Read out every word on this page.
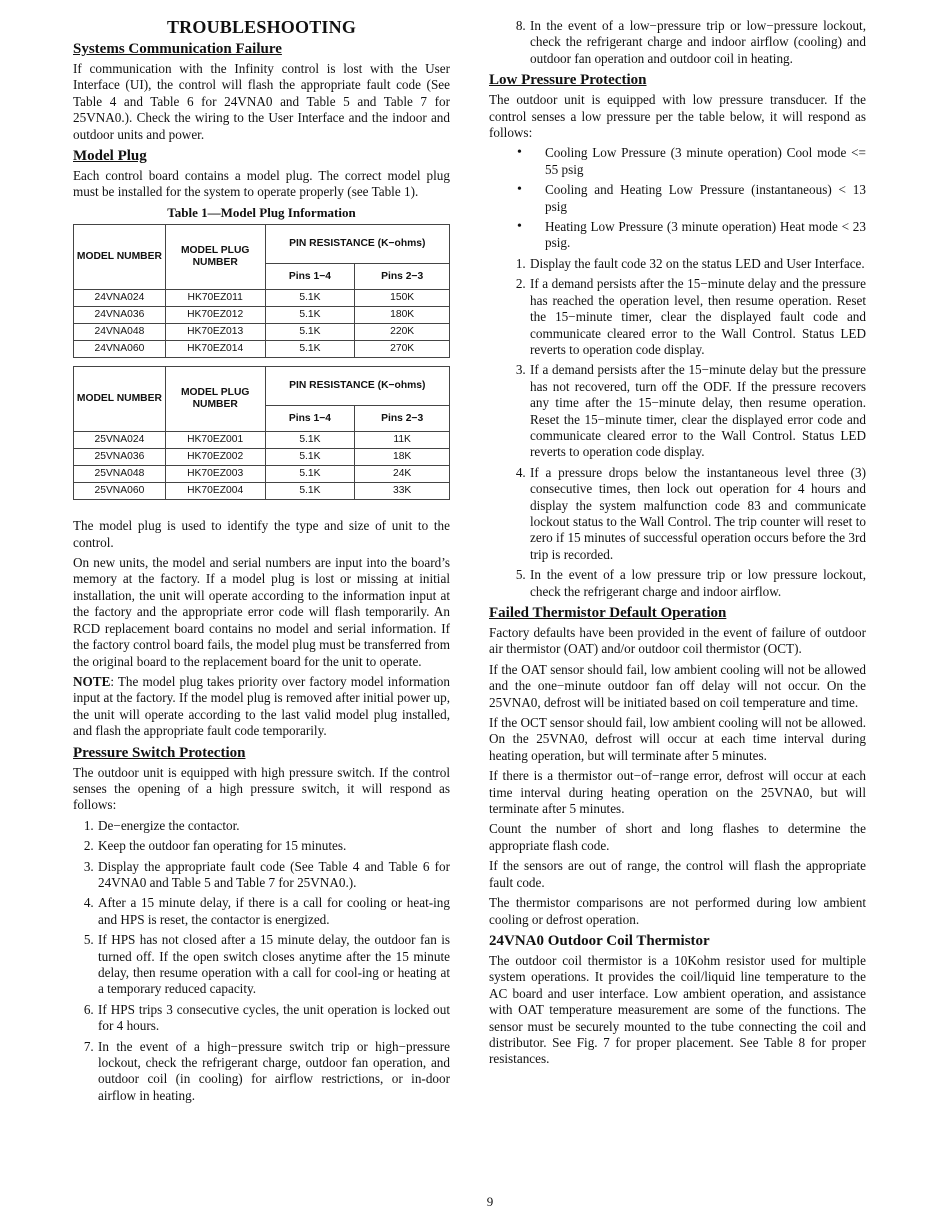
TROUBLESHOOTING
Systems Communication Failure

If communication with the Infinity control is lost with the User Interface (UI), the control will flash the appropriate fault code (See Table 4 and Table 6 for 24VNA0 and Table 5 and Table 7 for 25VNA0.). Check the wiring to the User Interface and the indoor and outdoor units and power.

Model Plug

Each control board contains a model plug. The correct model plug must be installed for the system to operate properly (see Table 1).

Table 1—Model Plug Information
MODEL NUMBER	MODEL PLUG NUMBER	PIN RESISTANCE (K−ohms)	
		Pins 1−4	Pins 2−3
24VNA024	HK70EZ011	5.1K	150K
24VNA036	HK70EZ012	5.1K	180K
24VNA048	HK70EZ013	5.1K	220K
24VNA060	HK70EZ014	5.1K	270K
MODEL NUMBER	MODEL PLUG NUMBER	PIN RESISTANCE (K−ohms)	
		Pins 1−4	Pins 2−3
25VNA024	HK70EZ001	5.1K	11K
25VNA036	HK70EZ002	5.1K	18K
25VNA048	HK70EZ003	5.1K	24K
25VNA060	HK70EZ004	5.1K	33K

The model plug is used to identify the type and size of unit to the control.

On new units, the model and serial numbers are input into the board’s memory at the factory. If a model plug is lost or missing at initial installation, the unit will operate according to the information input at the factory and the appropriate error code will flash temporarily. An RCD replacement board contains no model and serial information. If the factory control board fails, the model plug must be transferred from the original board to the replacement board for the unit to operate.

NOTE: The model plug takes priority over factory model information input at the factory. If the model plug is removed after initial power up, the unit will operate according to the last valid model plug installed, and flash the appropriate fault code temporarily.

Pressure Switch Protection

The outdoor unit is equipped with high pressure switch. If the control senses the opening of a high pressure switch, it will respond as follows:

1. De−energize the contactor.
2. Keep the outdoor fan operating for 15 minutes.
3. Display the appropriate fault code (See Table 4 and Table 6 for 24VNA0 and Table 5 and Table 7 for 25VNA0.).
4. After a 15 minute delay, if there is a call for cooling or heat-ing and HPS is reset, the contactor is energized.
5. If HPS has not closed after a 15 minute delay, the outdoor fan is turned off. If the open switch closes anytime after the 15 minute delay, then resume operation with a call for cool-ing or heating at a temporary reduced capacity.
6. If HPS trips 3 consecutive cycles, the unit operation is locked out for 4 hours.
7. In the event of a high−pressure switch trip or high−pressure lockout, check the refrigerant charge, outdoor fan operation, and outdoor coil (in cooling) for airflow restrictions, or in-door airflow in heating.
8. In the event of a low−pressure trip or low−pressure lockout, check the refrigerant charge and indoor airflow (cooling) and outdoor fan operation and outdoor coil in heating.
Low Pressure Protection

The outdoor unit is equipped with low pressure transducer. If the control senses a low pressure per the table below, it will respond as follows:

• Cooling Low Pressure (3 minute operation) Cool mode <= 55 psig
• Cooling and Heating Low Pressure (instantaneous) < 13 psig
• Heating Low Pressure (3 minute operation) Heat mode < 23 psig.
1. Display the fault code 32 on the status LED and User Interface.
2. If a demand persists after the 15−minute delay and the pressure has reached the operation level, then resume operation. Reset the 15−minute timer, clear the displayed fault code and communicate cleared error to the Wall Control. Status LED reverts to operation code display.
3. If a demand persists after the 15−minute delay but the pressure has not recovered, turn off the ODF. If the pressure recovers any time after the 15−minute delay, then resume operation. Reset the 15−minute timer, clear the displayed error code and communicate cleared error to the Wall Control. Status LED reverts to operation code display.
4. If a pressure drops below the instantaneous level three (3) consecutive times, then lock out operation for 4 hours and display the system malfunction code 83 and communicate lockout status to the Wall Control. The trip counter will reset to zero if 15 minutes of successful operation occurs before the 3rd trip is recorded.
5. In the event of a low pressure trip or low pressure lockout, check the refrigerant charge and indoor airflow.
Failed Thermistor Default Operation

Factory defaults have been provided in the event of failure of outdoor air thermistor (OAT) and/or outdoor coil thermistor (OCT).

If the OAT sensor should fail, low ambient cooling will not be allowed and the one−minute outdoor fan off delay will not occur. On the 25VNA0, defrost will be initiated based on coil temperature and time.

If the OCT sensor should fail, low ambient cooling will not be allowed. On the 25VNA0, defrost will occur at each time interval during heating operation, but will terminate after 5 minutes.

If there is a thermistor out−of−range error, defrost will occur at each time interval during heating operation on the 25VNA0, but will terminate after 5 minutes.

Count the number of short and long flashes to determine the appropriate flash code.

If the sensors are out of range, the control will flash the appropriate fault code.

The thermistor comparisons are not performed during low ambient cooling or defrost operation.

24VNA0 Outdoor Coil Thermistor

The outdoor coil thermistor is a 10Kohm resistor used for multiple system operations. It provides the coil/liquid line temperature to the AC board and user interface. Low ambient operation, and assistance with OAT temperature measurement are some of the functions. The sensor must be securely mounted to the tube connecting the coil and distributor. See Fig. 7 for proper placement. See Table 8 for proper resistances.

9
